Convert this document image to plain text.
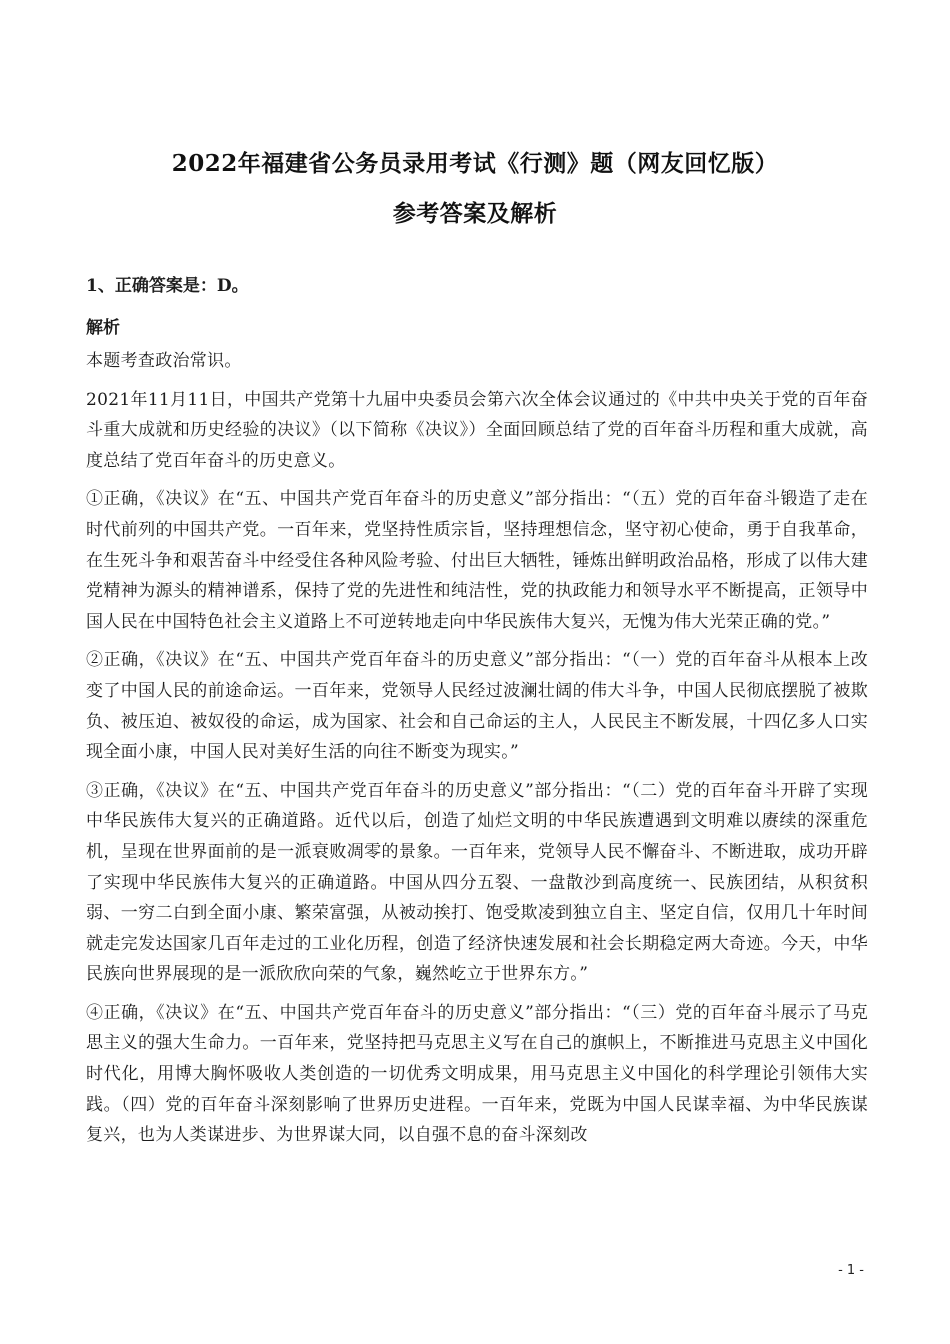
2022年福建省公务员录用考试《行测》题（网友回忆版）
参考答案及解析
1、正确答案是：D。
解析

本题考查政治常识。

2021年11月11日，中国共产党第十九届中央委员会第六次全体会议通过的《中共中央关于党的百年奋斗重大成就和历史经验的决议》（以下简称《决议》）全面回顾总结了党的百年奋斗历程和重大成就，高度总结了党百年奋斗的历史意义。

①正确，《决议》在“五、中国共产党百年奋斗的历史意义”部分指出：“（五）党的百年奋斗锻造了走在时代前列的中国共产党。一百年来，党坚持性质宗旨，坚持理想信念，坚守初心使命，勇于自我革命，在生死斗争和艰苦奋斗中经受住各种风险考验、付出巨大牺牲，锤炼出鲜明政治品格，形成了以伟大建党精神为源头的精神谱系，保持了党的先进性和纯洁性，党的执政能力和领导水平不断提高，正领导中国人民在中国特色社会主义道路上不可逆转地走向中华民族伟大复兴，无愧为伟大光荣正确的党。”

②正确，《决议》在“五、中国共产党百年奋斗的历史意义”部分指出：“（一）党的百年奋斗从根本上改变了中国人民的前途命运。一百年来，党领导人民经过波澜壮阔的伟大斗争，中国人民彻底摆脱了被欺负、被压迫、被奴役的命运，成为国家、社会和自己命运的主人，人民民主不断发展，十四亿多人口实现全面小康，中国人民对美好生活的向往不断变为现实。”

③正确，《决议》在“五、中国共产党百年奋斗的历史意义”部分指出：“（二）党的百年奋斗开辟了实现中华民族伟大复兴的正确道路。近代以后，创造了灿烂文明的中华民族遭遇到文明难以赓续的深重危机，呈现在世界面前的是一派衰败凋零的景象。一百年来，党领导人民不懈奋斗、不断进取，成功开辟了实现中华民族伟大复兴的正确道路。中国从四分五裂、一盘散沙到高度统一、民族团结，从积贫积弱、一穷二白到全面小康、繁荣富强，从被动挨打、饱受欺凌到独立自主、坚定自信，仅用几十年时间就走完发达国家几百年走过的工业化历程，创造了经济快速发展和社会长期稳定两大奇迹。今天，中华民族向世界展现的是一派欣欣向荣的气象，巍然屹立于世界东方。”

④正确，《决议》在“五、中国共产党百年奋斗的历史意义”部分指出：“（三）党的百年奋斗展示了马克思主义的强大生命力。一百年来，党坚持把马克思主义写在自己的旗帜上，不断推进马克思主义中国化时代化，用博大胸怀吸收人类创造的一切优秀文明成果，用马克思主义中国化的科学理论引领伟大实践。（四）党的百年奋斗深刻影响了世界历史进程。一百年来，党既为中国人民谋幸福、为中华民族谋复兴，也为人类谋进步、为世界谋大同，以自强不息的奋斗深刻改

- 1 -
